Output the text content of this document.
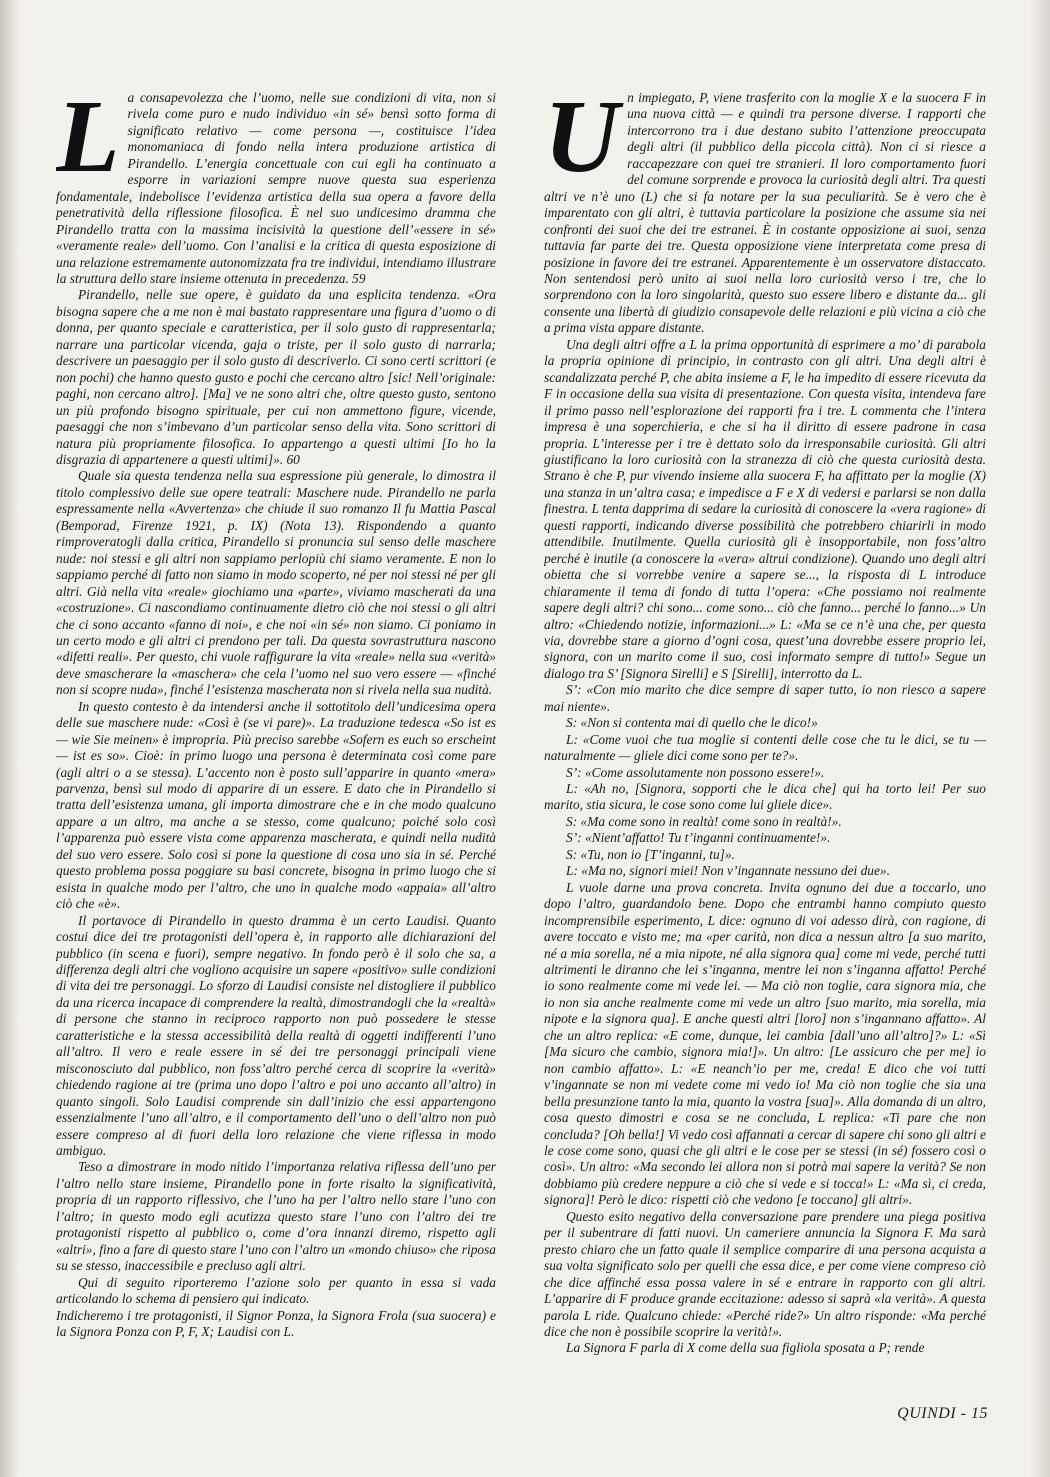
L a consapevolezza che l’uomo, nelle sue condizioni di vita, non si rivela come puro e nudo individuo «in sé» bensì sotto forma di significato relativo — come persona —, costituisce l’idea monomaniaca di fondo nella intera produzione artistica di Pirandello. L’energia concettuale con cui egli ha continuato a esporre in variazioni sempre nuove questa sua esperienza fondamentale, indebolisce l’evidenza artistica della sua opera a favore della penetratività della riflessione filosofica. È nel suo undicesimo dramma che Pirandello tratta con la massima incisività la questione dell’«essere in sé» «veramente reale» dell’uomo. Con l’analisi e la critica di questa esposizione di una relazione estremamente autonomizzata fra tre individui, intendiamo illustrare la struttura dello stare insieme ottenuta in precedenza. 59

Pirandello, nelle sue opere, è guidato da una esplicita tendenza. «Ora bisogna sapere che a me non è mai bastato rappresentare una figura d’uomo o di donna, per quanto speciale e caratteristica, per il solo gusto di rappresentarla; narrare una particolar vicenda, gaja o triste, per il solo gusto di narrarla; descrivere un paesaggio per il solo gusto di descriverlo. Ci sono certi scrittori (e non pochi) che hanno questo gusto e pochi che cercano altro [sic! Nell’originale: paghi, non cercano altro]. [Ma] ve ne sono altri che, oltre questo gusto, sentono un più profondo bisogno spirituale, per cui non ammettono figure, vicende, paesaggi che non s’imbevano d’un particolar senso della vita. Sono scrittori di natura più propriamente filosofica. Io appartengo a questi ultimi [Io ho la disgrazia di appartenere a questi ultimi]». 60

Quale sia questa tendenza nella sua espressione più generale, lo dimostra il titolo complessivo delle sue opere teatrali: Maschere nude. Pirandello ne parla espressamente nella «Avvertenza» che chiude il suo romanzo Il fu Mattia Pascal (Bemporad, Firenze 1921, p. IX) (Nota 13). Rispondendo a quanto rimproveratogli dalla critica, Pirandello si pronuncia sul senso delle maschere nude: noi stessi e gli altri non sappiamo perlopiù chi siamo veramente. E non lo sappiamo perché di fatto non siamo in modo scoperto, né per noi stessi né per gli altri. Già nella vita «reale» giochiamo una «parte», viviamo mascherati da una «costruzione». Ci nascondiamo continuamente dietro ciò che noi stessi o gli altri che ci sono accanto «fanno di noi», e che noi «in sé» non siamo. Ci poniamo in un certo modo e gli altri ci prendono per tali. Da questa sovrastruttura nascono «difetti reali». Per questo, chi vuole raffigurare la vita «reale» nella sua «verità» deve smascherare la «maschera» che cela l’uomo nel suo vero essere — «finché non si scopre nuda», finché l’esistenza mascherata non si rivela nella sua nudità.

In questo contesto è da intendersi anche il sottotitolo dell’undicesima opera delle sue maschere nude: «Così è (se vi pare)». La traduzione tedesca «So ist es — wie Sie meinen» è impropria. Più preciso sarebbe «Sofern es euch so erscheint — ist es so». Cioè: in primo luogo una persona è determinata così come pare (agli altri o a se stessa). L’accento non è posto sull’apparire in quanto «mera» parvenza, bensì sul modo di apparire di un essere. E dato che in Pirandello si tratta dell’esistenza umana, gli importa dimostrare che e in che modo qualcuno appare a un altro, ma anche a se stesso, come qualcuno; poiché solo così l’apparenza può essere vista come apparenza mascherata, e quindi nella nudità del suo vero essere. Solo così si pone la questione di cosa uno sia in sé. Perché questo problema possa poggiare su basi concrete, bisogna in primo luogo che si esista in qualche modo per l’altro, che uno in qualche modo «appaia» all’altro ciò che «è».

Il portavoce di Pirandello in questo dramma è un certo Laudisi. Quanto costui dice dei tre protagonisti dell’opera è, in rapporto alle dichiarazioni del pubblico (in scena e fuori), sempre negativo. In fondo però è il solo che sa, a differenza degli altri che vogliono acquisire un sapere «positivo» sulle condizioni di vita dei tre personaggi. Lo sforzo di Laudisi consiste nel distogliere il pubblico da una ricerca incapace di comprendere la realtà, dimostrandogli che la «realtà» di persone che stanno in reciproco rapporto non può possedere le stesse caratteristiche e la stessa accessibilità della realtà di oggetti indifferenti l’uno all’altro. Il vero e reale essere in sé dei tre personaggi principali viene misconosciuto dal pubblico, non foss’altro perché cerca di scoprire la «verità» chiedendo ragione ai tre (prima uno dopo l’altro e poi uno accanto all’altro) in quanto singoli. Solo Laudisi comprende sin dall’inizio che essi appartengono essenzialmente l’uno all’altro, e il comportamento dell’uno o dell’altro non può essere compreso al di fuori della loro relazione che viene riflessa in modo ambiguo.

Teso a dimostrare in modo nitido l’importanza relativa riflessa dell’uno per l’altro nello stare insieme, Pirandello pone in forte risalto la significatività, propria di un rapporto riflessivo, che l’uno ha per l’altro nello stare l’uno con l’altro; in questo modo egli acutizza questo stare l’uno con l’altro dei tre protagonisti rispetto al pubblico o, come d’ora innanzi diremo, rispetto agli «altri», fino a fare di questo stare l’uno con l’altro un «mondo chiuso» che riposa su se stesso, inaccessibile e precluso agli altri.

Qui di seguito riporteremo l’azione solo per quanto in essa si vada articolando lo schema di pensiero qui indicato.

Indicheremo i tre protagonisti, il Signor Ponza, la Signora Frola (sua suocera) e la Signora Ponza con P, F, X; Laudisi con L.

U n impiegato, P, viene trasferito con la moglie X e la suocera F in una nuova città — e quindi tra persone diverse. I rapporti che intercorrono tra i due destano subito l’attenzione preoccupata degli altri (il pubblico della piccola città). Non ci si riesce a raccapezzare con quei tre stranieri. Il loro comportamento fuori del comune sorprende e provoca la curiosità degli altri. Tra questi altri ve n’è uno (L) che si fa notare per la sua peculiarità. Se è vero che è imparentato con gli altri, è tuttavia particolare la posizione che assume sia nei confronti dei suoi che dei tre estranei. È in costante opposizione ai suoi, senza tuttavia far parte dei tre. Questa opposizione viene interpretata come presa di posizione in favore dei tre estranei. Apparentemente è un osservatore distaccato. Non sentendosi però unito ai suoi nella loro curiosità verso i tre, che lo sorprendono con la loro singolarità, questo suo essere libero e distante da... gli consente una libertà di giudizio consapevole delle relazioni e più vicina a ciò che a prima vista appare distante.

Una degli altri offre a L la prima opportunità di esprimere a mo’ di parabola la propria opinione di principio, in contrasto con gli altri. Una degli altri è scandalizzata perché P, che abita insieme a F, le ha impedito di essere ricevuta da F in occasione della sua visita di presentazione. Con questa visita, intendeva fare il primo passo nell’esplorazione dei rapporti fra i tre. L commenta che l’intera impresa è una soperchieria, e che si ha il diritto di essere padrone in casa propria. L’interesse per i tre è dettato solo da irresponsabile curiosità. Gli altri giustificano la loro curiosità con la stranezza di ciò che questa curiosità desta. Strano è che P, pur vivendo insieme alla suocera F, ha affittato per la moglie (X) una stanza in un’altra casa; e impedisce a F e X di vedersi e parlarsi se non dalla finestra. L tenta dapprima di sedare la curiosità di conoscere la «vera ragione» di questi rapporti, indicando diverse possibilità che potrebbero chiarirli in modo attendibile. Inutilmente. Quella curiosità gli è insopportabile, non foss’altro perché è inutile (a conoscere la «vera» altrui condizione). Quando uno degli altri obietta che si vorrebbe venire a sapere se..., la risposta di L introduce chiaramente il tema di fondo di tutta l’opera: «Che possiamo noi realmente sapere degli altri? chi sono... come sono... ciò che fanno... perché lo fanno...» Un altro: «Chiedendo notizie, informazioni...» L: «Ma se ce n’è una che, per questa via, dovrebbe stare a giorno d’ogni cosa, quest’una dovrebbe essere proprio lei, signora, con un marito come il suo, così informato sempre di tutto!» Segue un dialogo tra S’ [Signora Sirelli] e S [Sirelli], interrotto da L.

S’: «Con mio marito che dice sempre di saper tutto, io non riesco a sapere mai niente».

S: «Non si contenta mai di quello che le dico!»

L: «Come vuoi che tua moglie si contenti delle cose che tu le dici, se tu — naturalmente — gliele dici come sono per te?».

S’: «Come assolutamente non possono essere!».

L: «Ah no, [Signora, sopporti che le dica che] qui ha torto lei! Per suo marito, stia sicura, le cose sono come lui gliele dice».

S: «Ma come sono in realtà! come sono in realtà!».

S’: «Nient’affatto! Tu t’inganni continuamente!».

S: «Tu, non io [T’inganni, tu]».

L: «Ma no, signori miei! Non v’ingannate nessuno dei due».

L vuole darne una prova concreta. Invita ognuno dei due a toccarlo, uno dopo l’altro, guardandolo bene. Dopo che entrambi hanno compiuto questo incomprensibile esperimento, L dice: ognuno di voi adesso dirà, con ragione, di avere toccato e visto me; ma «per carità, non dica a nessun altro [a suo marito, né a mia sorella, né a mia nipote, né alla signora qua] come mi vede, perché tutti altrimenti le diranno che lei s’inganna, mentre lei non s’inganna affatto! Perché io sono realmente come mi vede lei. — Ma ciò non toglie, cara signora mia, che io non sia anche realmente come mi vede un altro [suo marito, mia sorella, mia nipote e la signora qua]. E anche questi altri [loro] non s’ingannano affatto». Al che un altro replica: «E come, dunque, lei cambia [dall’uno all’altro]?» L: «Sì [Ma sicuro che cambio, signora mia!]». Un altro: [Le assicuro che per me] io non cambio affatto». L: «E neanch’io per me, creda! E dico che voi tutti v’ingannate se non mi vedete come mi vedo io! Ma ciò non toglie che sia una bella presunzione tanto la mia, quanto la vostra [sua]». Alla domanda di un altro, cosa questo dimostri e cosa se ne concluda, L replica: «Ti pare che non concluda? [Oh bella!] Vi vedo così affannati a cercar di sapere chi sono gli altri e le cose come sono, quasi che gli altri e le cose per se stessi (in sé) fossero così o così». Un altro: «Ma secondo lei allora non si potrà mai sapere la verità? Se non dobbiamo più credere neppure a ciò che si vede e si tocca!» L: «Ma sì, ci creda, signora]! Però le dico: rispetti ciò che vedono [e toccano] gli altri».

Questo esito negativo della conversazione pare prendere una piega positiva per il subentrare di fatti nuovi. Un cameriere annuncia la Signora F. Ma sarà presto chiaro che un fatto quale il semplice comparire di una persona acquista a sua volta significato solo per quelli che essa dice, e per come viene compreso ciò che dice affinché essa possa valere in sé e entrare in rapporto con gli altri. L’apparire di F produce grande eccitazione: adesso si saprà «la verità». A questa parola L ride. Qualcuno chiede: «Perché ride?» Un altro risponde: «Ma perché dice che non è possibile scoprire la verità!».

La Signora F parla di X come della sua figliola sposata a P; rende

QUINDI - 15
